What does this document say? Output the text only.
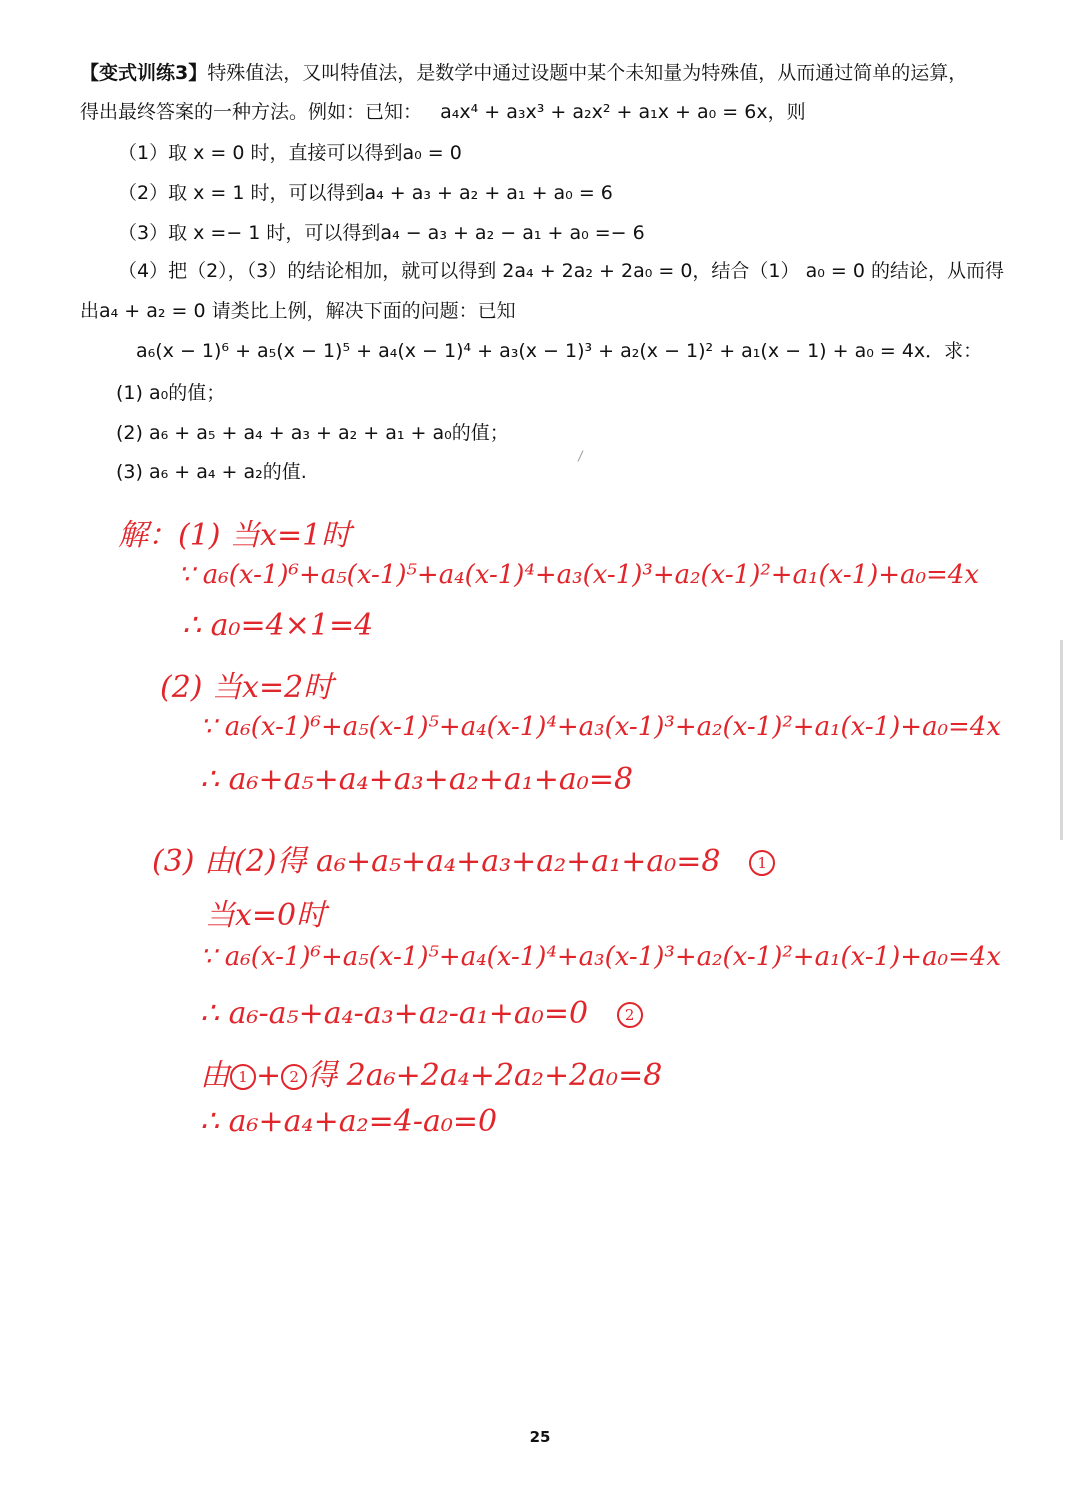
【变式训练3】特殊值法，又叫特值法，是数学中通过设题中某个未知量为特殊值，从而通过简单的运算，
得出最终答案的一种方法。例如：已知： a₄x⁴ + a₃x³ + a₂x² + a₁x + a₀ = 6x，则
（1）取 x = 0 时，直接可以得到a₀ = 0
（2）取 x = 1 时，可以得到a₄ + a₃ + a₂ + a₁ + a₀ = 6
（3）取 x =− 1 时，可以得到a₄ − a₃ + a₂ − a₁ + a₀ =− 6
（4）把（2），（3）的结论相加，就可以得到 2a₄ + 2a₂ + 2a₀ = 0，结合（1） a₀ = 0 的结论，从而得
出a₄ + a₂ = 0 请类比上例，解决下面的问题：已知
a₆(x − 1)⁶ + a₅(x − 1)⁵ + a₄(x − 1)⁴ + a₃(x − 1)³ + a₂(x − 1)² + a₁(x − 1) + a₀ = 4x．求：
(1) a₀的值；
(2) a₆ + a₅ + a₄ + a₃ + a₂ + a₁ + a₀的值；
(3) a₆ + a₄ + a₂的值.
解：(1) 当x=1时
∵ a₆(x-1)⁶+a₅(x-1)⁵+a₄(x-1)⁴+a₃(x-1)³+a₂(x-1)²+a₁(x-1)+a₀=4x
∴ a₀=4×1=4
(2) 当x=2时
∵ a₆(x-1)⁶+a₅(x-1)⁵+a₄(x-1)⁴+a₃(x-1)³+a₂(x-1)²+a₁(x-1)+a₀=4x
∴ a₆+a₅+a₄+a₃+a₂+a₁+a₀=8
(3) 由(2)得 a₆+a₅+a₄+a₃+a₂+a₁+a₀=8 1
当x=0时
∵ a₆(x-1)⁶+a₅(x-1)⁵+a₄(x-1)⁴+a₃(x-1)³+a₂(x-1)²+a₁(x-1)+a₀=4x
∴ a₆-a₅+a₄-a₃+a₂-a₁+a₀=0 2
由 1 + 2 得 2a₆+2a₄+2a₂+2a₀=8
∴ a₆+a₄+a₂=4-a₀=0
25
